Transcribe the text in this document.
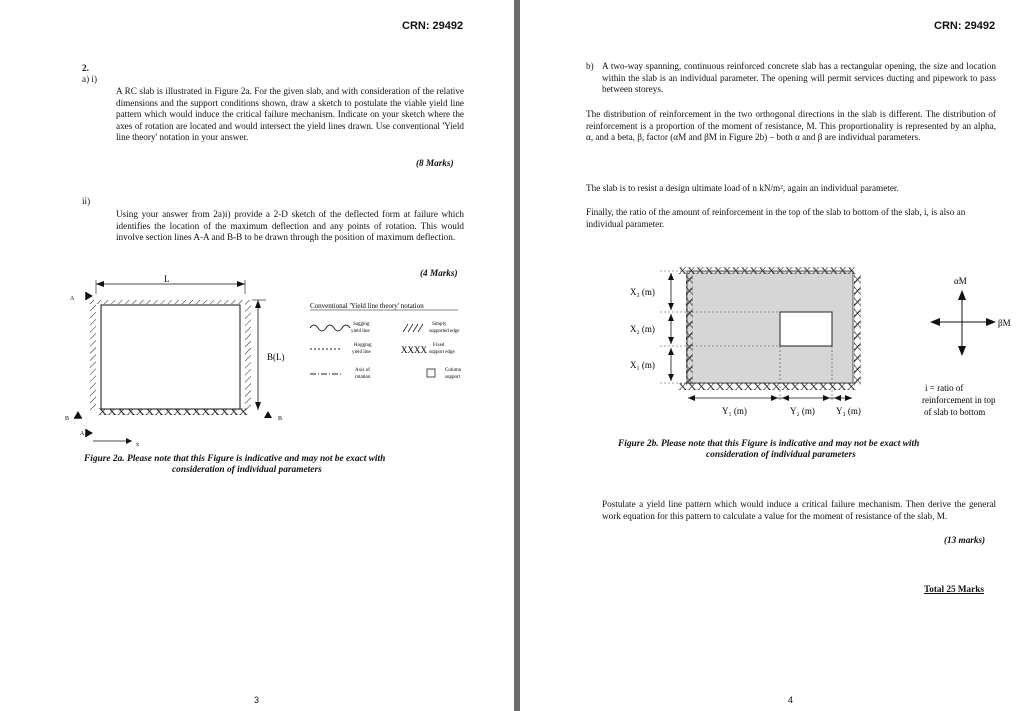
CRN: 29492
2.
a) i)

A RC slab is illustrated in Figure 2a. For the given slab, and with consideration of the relative dimensions and the support conditions shown, draw a sketch to postulate the viable yield line pattern which would induce the critical failure mechanism. Indicate on your sketch where the axes of rotation are located and would intersect the yield lines drawn. Use conventional 'Yield line theory' notation in your answer.

(8 Marks)
ii)

Using your answer from 2a)i) provide a 2-D sketch of the deflected form at failure which identifies the location of the maximum deflection and any points of rotation. This would involve section lines A-A and B-B to be drawn through the position of maximum deflection.

(4 Marks)
L
A
B(L)
XXXXXXXXXXXXXXXX
B	B
A
x
Conventional 'Yield line theory' notation
Sagging
yield line
Hogging
yield line
Axis of
rotation
Simply
supported edge
XXXX Fixed
support edge
Column
support

Figure 2a. Please note that this Figure is indicative and may not be exact with

consideration of individual parameters

3
CRN: 29492
b) A two-way spanning, continuous reinforced concrete slab has a rectangular opening, the size and location within the slab is an individual parameter. The opening will permit services ducting and pipework to pass between storeys.

The distribution of reinforcement in the two orthogonal directions in the slab is different. The distribution of reinforcement is a proportion of the moment of resistance, M. This proportionality is represented by an alpha, α, and a beta, β, factor (αM and βM in Figure 2b) – both α and β are individual parameters.

The slab is to resist a design ultimate load of n kN/m², again an individual parameter.

Finally, the ratio of the amount of reinforcement in the top of the slab to bottom of the slab, i, is also an individual parameter.

XXXXXXXXXXXXXXXXXXXX
XXXXXXXXXXXXXXXXXXX
XXXXXXXXXX	XXXXXXXXXX
X₃ (m)
X₂ (m)
X₁ (m)
Y₁ (m)	Y₂ (m) Y₃ (m)
αM
βM
i = ratio of
reinforcement in top
of slab to bottom

Figure 2b. Please note that this Figure is indicative and may not be exact with

consideration of individual parameters

Postulate a yield line pattern which would induce a critical failure mechanism. Then derive the general work equation for this pattern to calculate a value for the moment of resistance of the slab, M.

(13 marks)
Total 25 Marks
4
